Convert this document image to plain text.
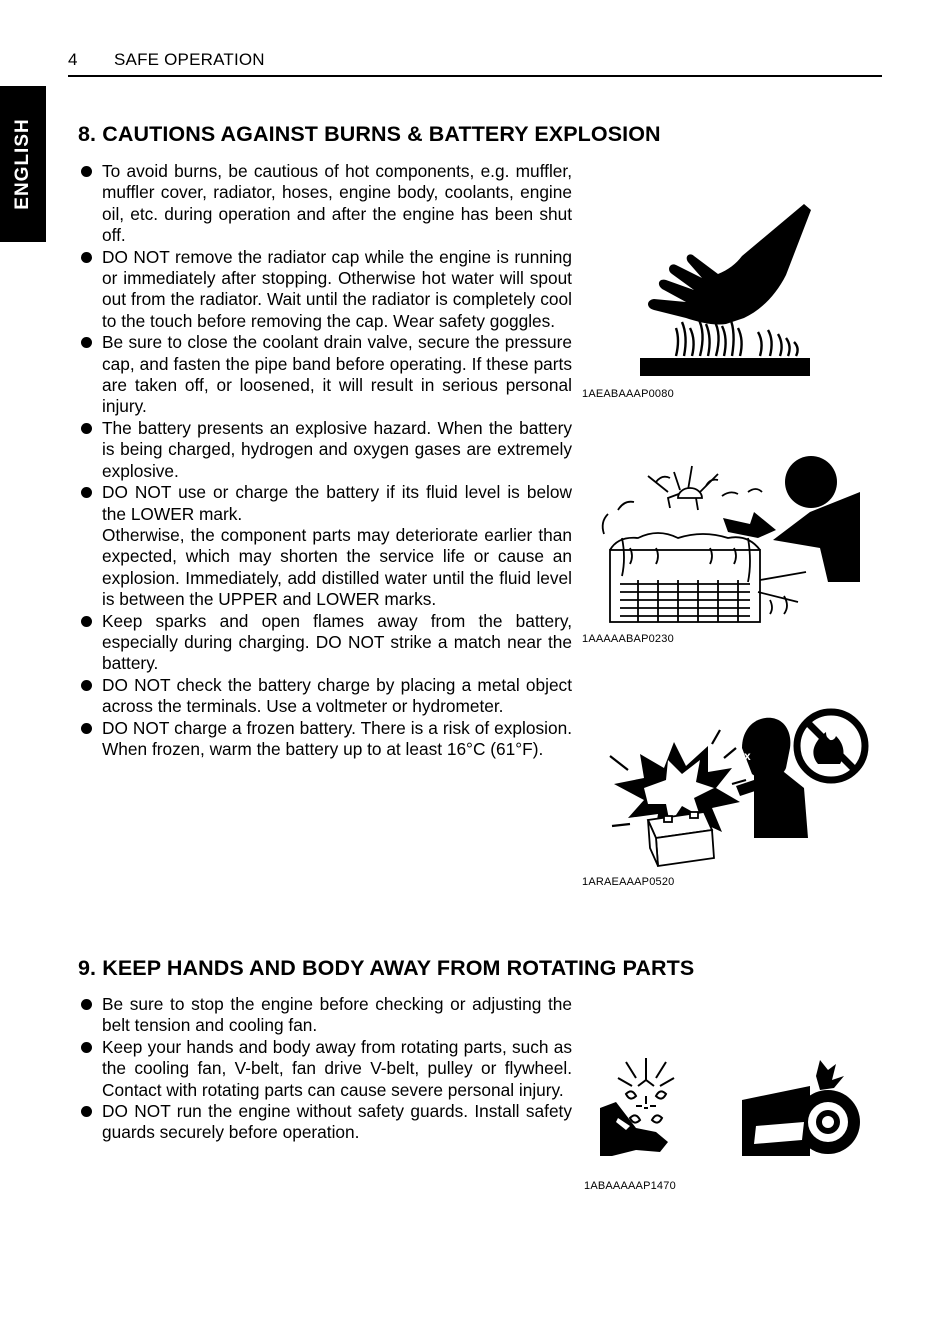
4 SAFE OPERATION
ENGLISH 8. CAUTIONS AGAINST BURNS & BATTERY EXPLOSION

To avoid burns, be cautious of hot components, e.g. muffler, muffler cover, radiator, hoses, engine body, coolants, engine oil, etc. during operation and after the engine has been shut off.

DO NOT remove the radiator cap while the engine is running or immediately after stopping. Otherwise hot water will spout out from the radiator. Wait until the radiator is completely cool to the touch before removing the cap. Wear safety goggles.

Be sure to close the coolant drain valve, secure the pressure cap, and fasten the pipe band before operating. If these parts are taken off, or loosened, it will result in serious personal injury.

The battery presents an explosive hazard. When the battery is being charged, hydrogen and oxygen gases are extremely explosive.

DO NOT use or charge the battery if its fluid level is below the LOWER mark.

Otherwise, the component parts may deteriorate earlier than expected, which may shorten the service life or cause an explosion. Immediately, add distilled water until the fluid level is between the UPPER and LOWER marks.

Keep sparks and open flames away from the battery, especially during charging. DO NOT strike a match near the battery.

DO NOT check the battery charge by placing a metal object across the terminals. Use a voltmeter or hydrometer.

DO NOT charge a frozen battery. There is a risk of explosion. When frozen, warm the battery up to at least 16°C (61°F).

1AEABAAAP0080
1AAAAABAP0230
x
1ARAEAAAP0520
9. KEEP HANDS AND BODY AWAY FROM ROTATING PARTS

Be sure to stop the engine before checking or adjusting the belt tension and cooling fan.

Keep your hands and body away from rotating parts, such as the cooling fan, V-belt, fan drive V-belt, pulley or flywheel. Contact with rotating parts can cause severe personal injury.

DO NOT run the engine without safety guards. Install safety guards securely before operation.

1ABAAAAAP1470
